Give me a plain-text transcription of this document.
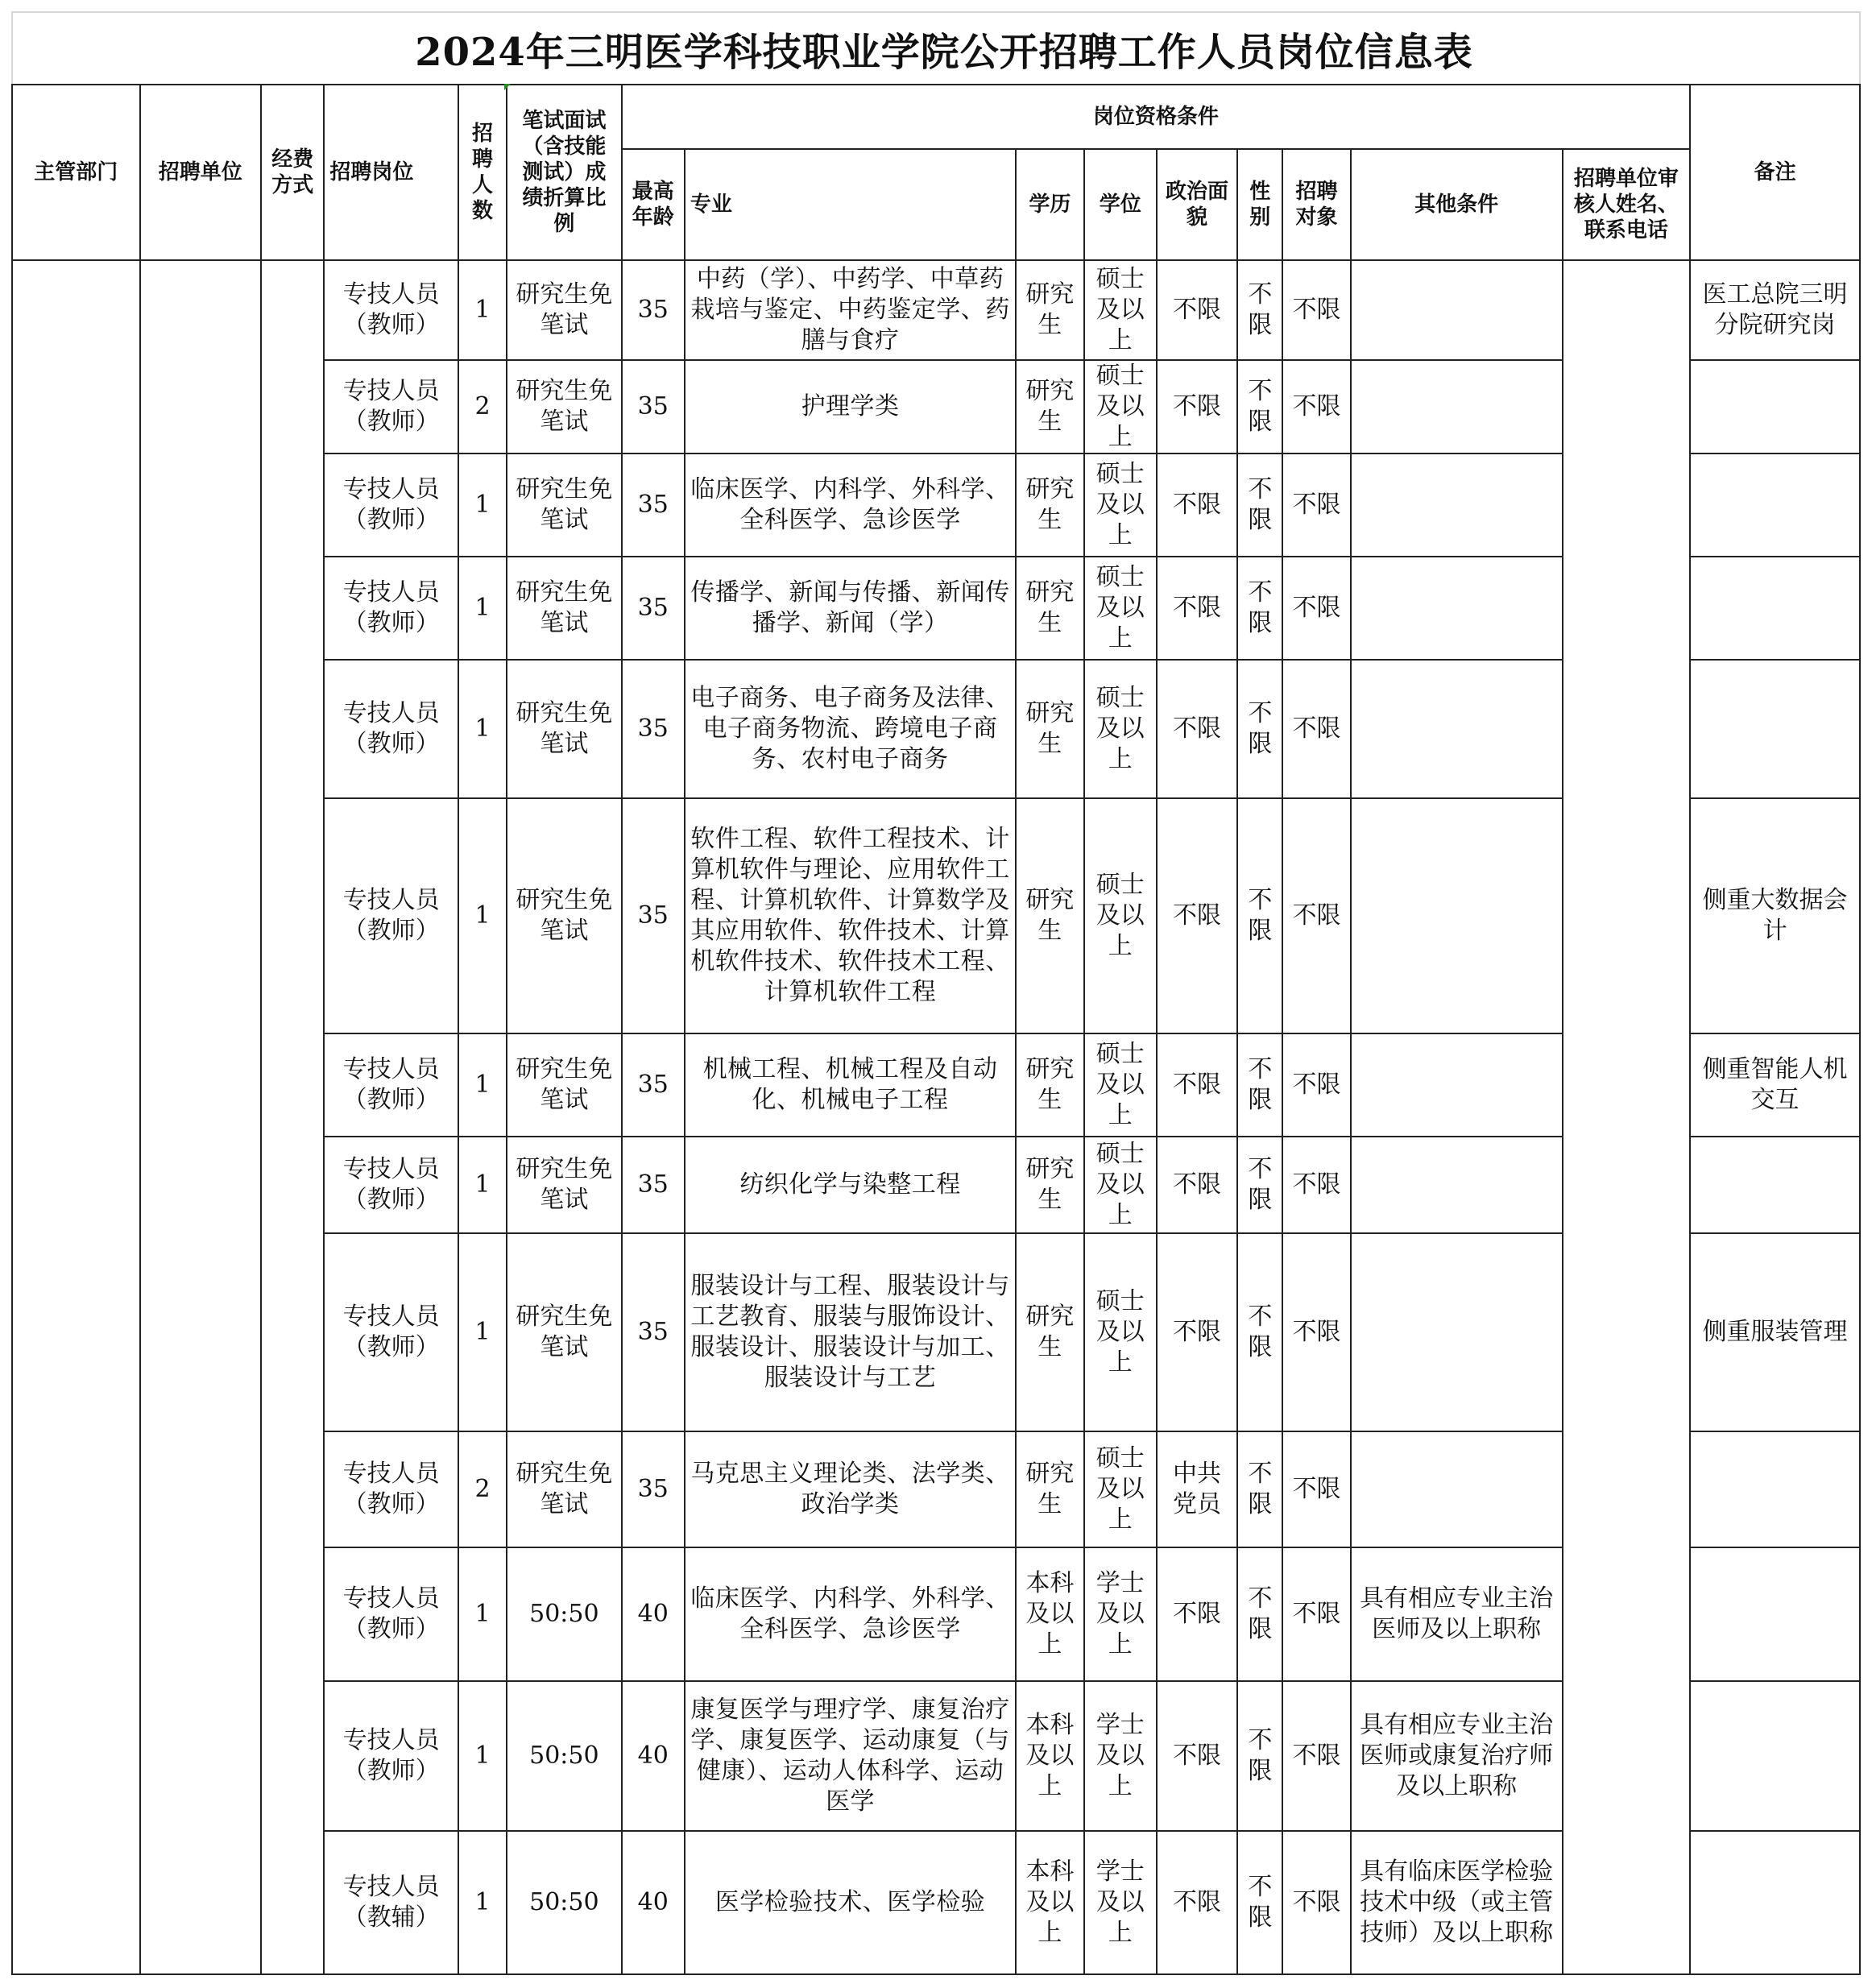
2024年三明医学科技职业学院公开招聘工作人员岗位信息表
主管部门	招聘单位	经费方式	招聘岗位	招聘人数	笔试面试（含技能测试）成绩折算比例	岗位资格条件									备注
						最高年龄	专业	学历	学位	政治面貌	性别	招聘对象	其他条件	招聘单位审核人姓名、联系电话	
			专技人员（教师）	1	研究生免笔试	35	中药（学）、中药学、中草药栽培与鉴定、中药鉴定学、药膳与食疗	研究生	硕士及以上	不限	不限	不限			医工总院三明分院研究岗
			专技人员（教师）	2	研究生免笔试	35	护理学类	研究生	硕士及以上	不限	不限	不限			
			专技人员（教师）	1	研究生免笔试	35	临床医学、内科学、外科学、全科医学、急诊医学	研究生	硕士及以上	不限	不限	不限			
			专技人员（教师）	1	研究生免笔试	35	传播学、新闻与传播、新闻传播学、新闻（学）	研究生	硕士及以上	不限	不限	不限			
			专技人员（教师）	1	研究生免笔试	35	电子商务、电子商务及法律、电子商务物流、跨境电子商务、农村电子商务	研究生	硕士及以上	不限	不限	不限			
			专技人员（教师）	1	研究生免笔试	35	软件工程、软件工程技术、计算机软件与理论、应用软件工程、计算机软件、计算数学及其应用软件、软件技术、计算机软件技术、软件技术工程、计算机软件工程	研究生	硕士及以上	不限	不限	不限			侧重大数据会计
			专技人员（教师）	1	研究生免笔试	35	机械工程、机械工程及自动化、机械电子工程	研究生	硕士及以上	不限	不限	不限			侧重智能人机交互
			专技人员（教师）	1	研究生免笔试	35	纺织化学与染整工程	研究生	硕士及以上	不限	不限	不限			
			专技人员（教师）	1	研究生免笔试	35	服装设计与工程、服装设计与工艺教育、服装与服饰设计、服装设计、服装设计与加工、服装设计与工艺	研究生	硕士及以上	不限	不限	不限			侧重服装管理
			专技人员（教师）	2	研究生免笔试	35	马克思主义理论类、法学类、政治学类	研究生	硕士及以上	中共党员	不限	不限			
			专技人员（教师）	1	50:50	40	临床医学、内科学、外科学、全科医学、急诊医学	本科及以上	学士及以上	不限	不限	不限	具有相应专业主治医师及以上职称		
			专技人员（教师）	1	50:50	40	康复医学与理疗学、康复治疗学、康复医学、运动康复（与健康）、运动人体科学、运动医学	本科及以上	学士及以上	不限	不限	不限	具有相应专业主治医师或康复治疗师及以上职称		
			专技人员（教辅）	1	50:50	40	医学检验技术、医学检验	本科及以上	学士及以上	不限	不限	不限	具有临床医学检验技术中级（或主管技师）及以上职称		
